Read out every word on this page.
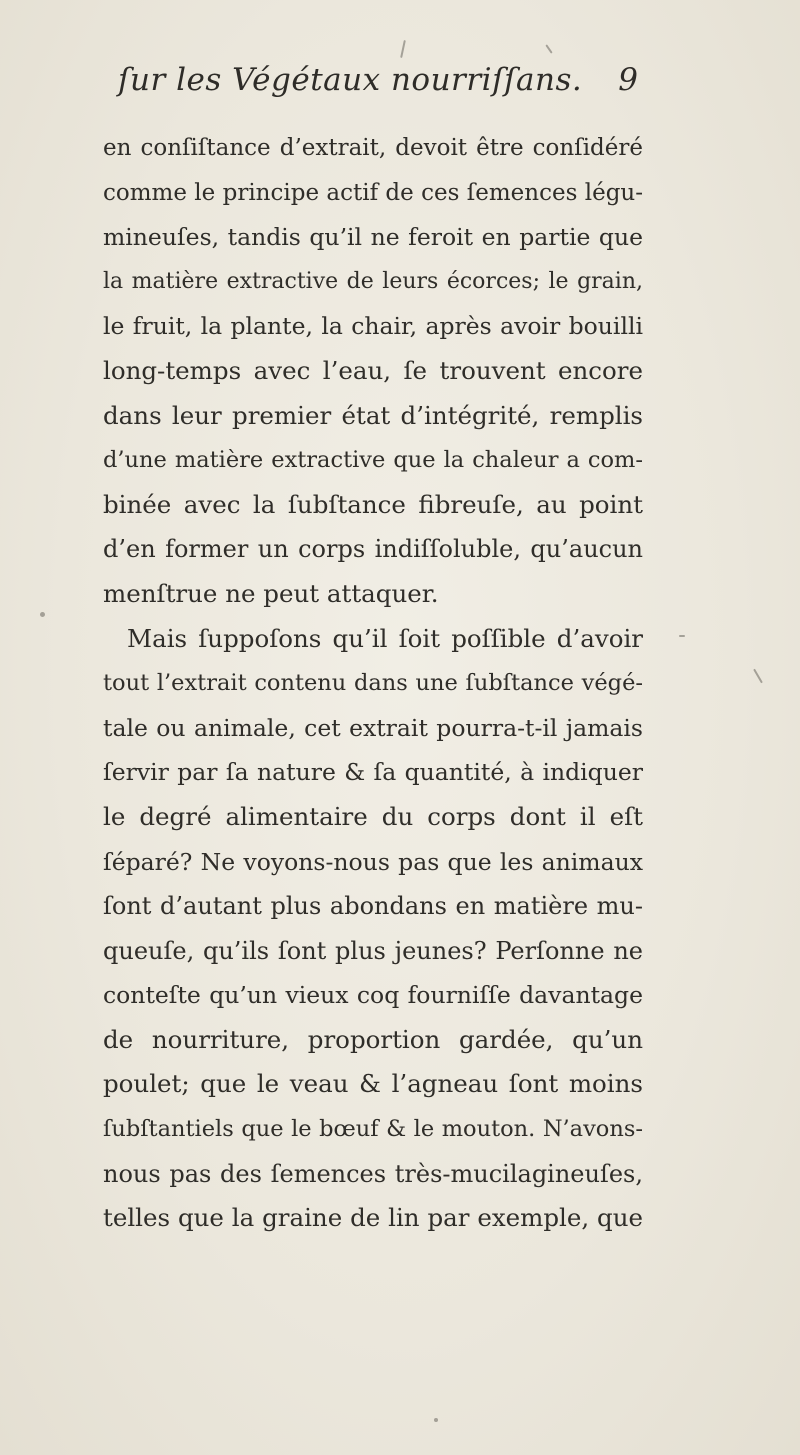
ſur les Végétaux nourriſſans. 9
en conſiſtance d’extrait, devoit être conſidéré
comme le principe actif de ces ſemences légu-
mineuſes, tandis qu’il ne feroit en partie que
la matière extractive de leurs écorces; le grain,
le fruit, la plante, la chair, après avoir bouilli
long-temps avec l’eau, ſe trouvent encore
dans leur premier état d’intégrité, remplis
d’une matière extractive que la chaleur a com-
binée avec la ſubſtance fibreuſe, au point
d’en former un corps indiſſoluble, qu’aucun
menſtrue ne peut attaquer.
Mais ſuppoſons qu’il ſoit poſſible d’avoir
tout l’extrait contenu dans une ſubſtance végé-
tale ou animale, cet extrait pourra-t-il jamais
ſervir par ſa nature & ſa quantité, à indiquer
le degré alimentaire du corps dont il eſt
ſéparé? Ne voyons-nous pas que les animaux
ſont d’autant plus abondans en matière mu-
queuſe, qu’ils ſont plus jeunes? Perſonne ne
conteſte qu’un vieux coq fourniſſe davantage
de nourriture, proportion gardée, qu’un
poulet; que le veau & l’agneau ſont moins
ſubſtantiels que le bœuf & le mouton. N’avons-
nous pas des ſemences très-mucilagineuſes,
telles que la graine de lin par exemple, que
